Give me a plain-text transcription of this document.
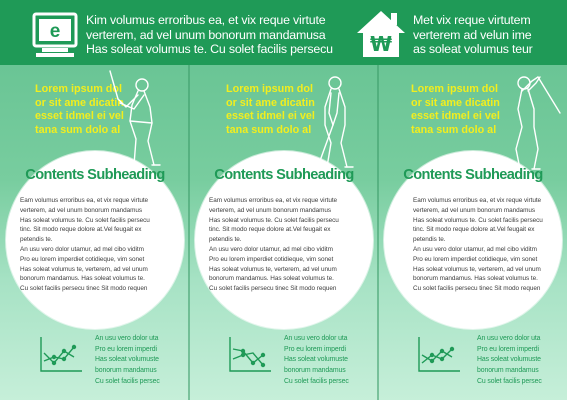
e
Kim volumus erroribus ea, et vix reque virtute
verterem, ad vel unum bonorum mandamusa
Has soleat volumus te. Cu solet facilis persecu	₩
Met vix reque virtutem
verterem ad velun ime
as soleat volumus teur
Lorem ipsum dol
or sit ame dicatin
esset idmel ei vel
tana sum dolo al
Contents Subheading
Eam volumus erroribus ea, et vix reque virtute
verterem, ad vel unum bonorum mandamus
Has soleat volumus te. Cu solet facilis persecu
tinc. Sit modo reque dolore at.Vel feugait ex
petendis te.
An usu vero dolor utamur, ad mel cibo viditm
Pro eu lorem imperdiet cotidieque, vim sonet
Has soleat volumus te, verterem, ad vel unum
bonorum mandamus. Has soleat volumus te.
Cu solet facilis persecu tinec Sit modo requen
An usu vero dolor uta
Pro eu lorem imperdi
Has soleat volumuste
bonorum mandamus
Cu solet facilis persec
Lorem ipsum dol
or sit ame dicatin
esset idmel ei vel
tana sum dolo al
Contents Subheading
Eam volumus erroribus ea, et vix reque virtute
verterem, ad vel unum bonorum mandamus
Has soleat volumus te. Cu solet facilis persecu
tinc. Sit modo reque dolore at.Vel feugait ex
petendis te.
An usu vero dolor utamur, ad mel cibo viditm
Pro eu lorem imperdiet cotidieque, vim sonet
Has soleat volumus te, verterem, ad vel unum
bonorum mandamus. Has soleat volumus te.
Cu solet facilis persecu tinec Sit modo requen
An usu vero dolor uta
Pro eu lorem imperdi
Has soleat volumuste
bonorum mandamus
Cu solet facilis persec
Lorem ipsum dol
or sit ame dicatin
esset idmel ei vel
tana sum dolo al
Contents Subheading
Eam volumus erroribus ea, et vix reque virtute
verterem, ad vel unum bonorum mandamus
Has soleat volumus te. Cu solet facilis persecu
tinc. Sit modo reque dolore at.Vel feugait ex
petendis te.
An usu vero dolor utamur, ad mel cibo viditm
Pro eu lorem imperdiet cotidieque, vim sonet
Has soleat volumus te, verterem, ad vel unum
bonorum mandamus. Has soleat volumus te.
Cu solet facilis persecu tinec Sit modo requen
An usu vero dolor uta
Pro eu lorem imperdi
Has soleat volumuste
bonorum mandamus
Cu solet facilis persec
